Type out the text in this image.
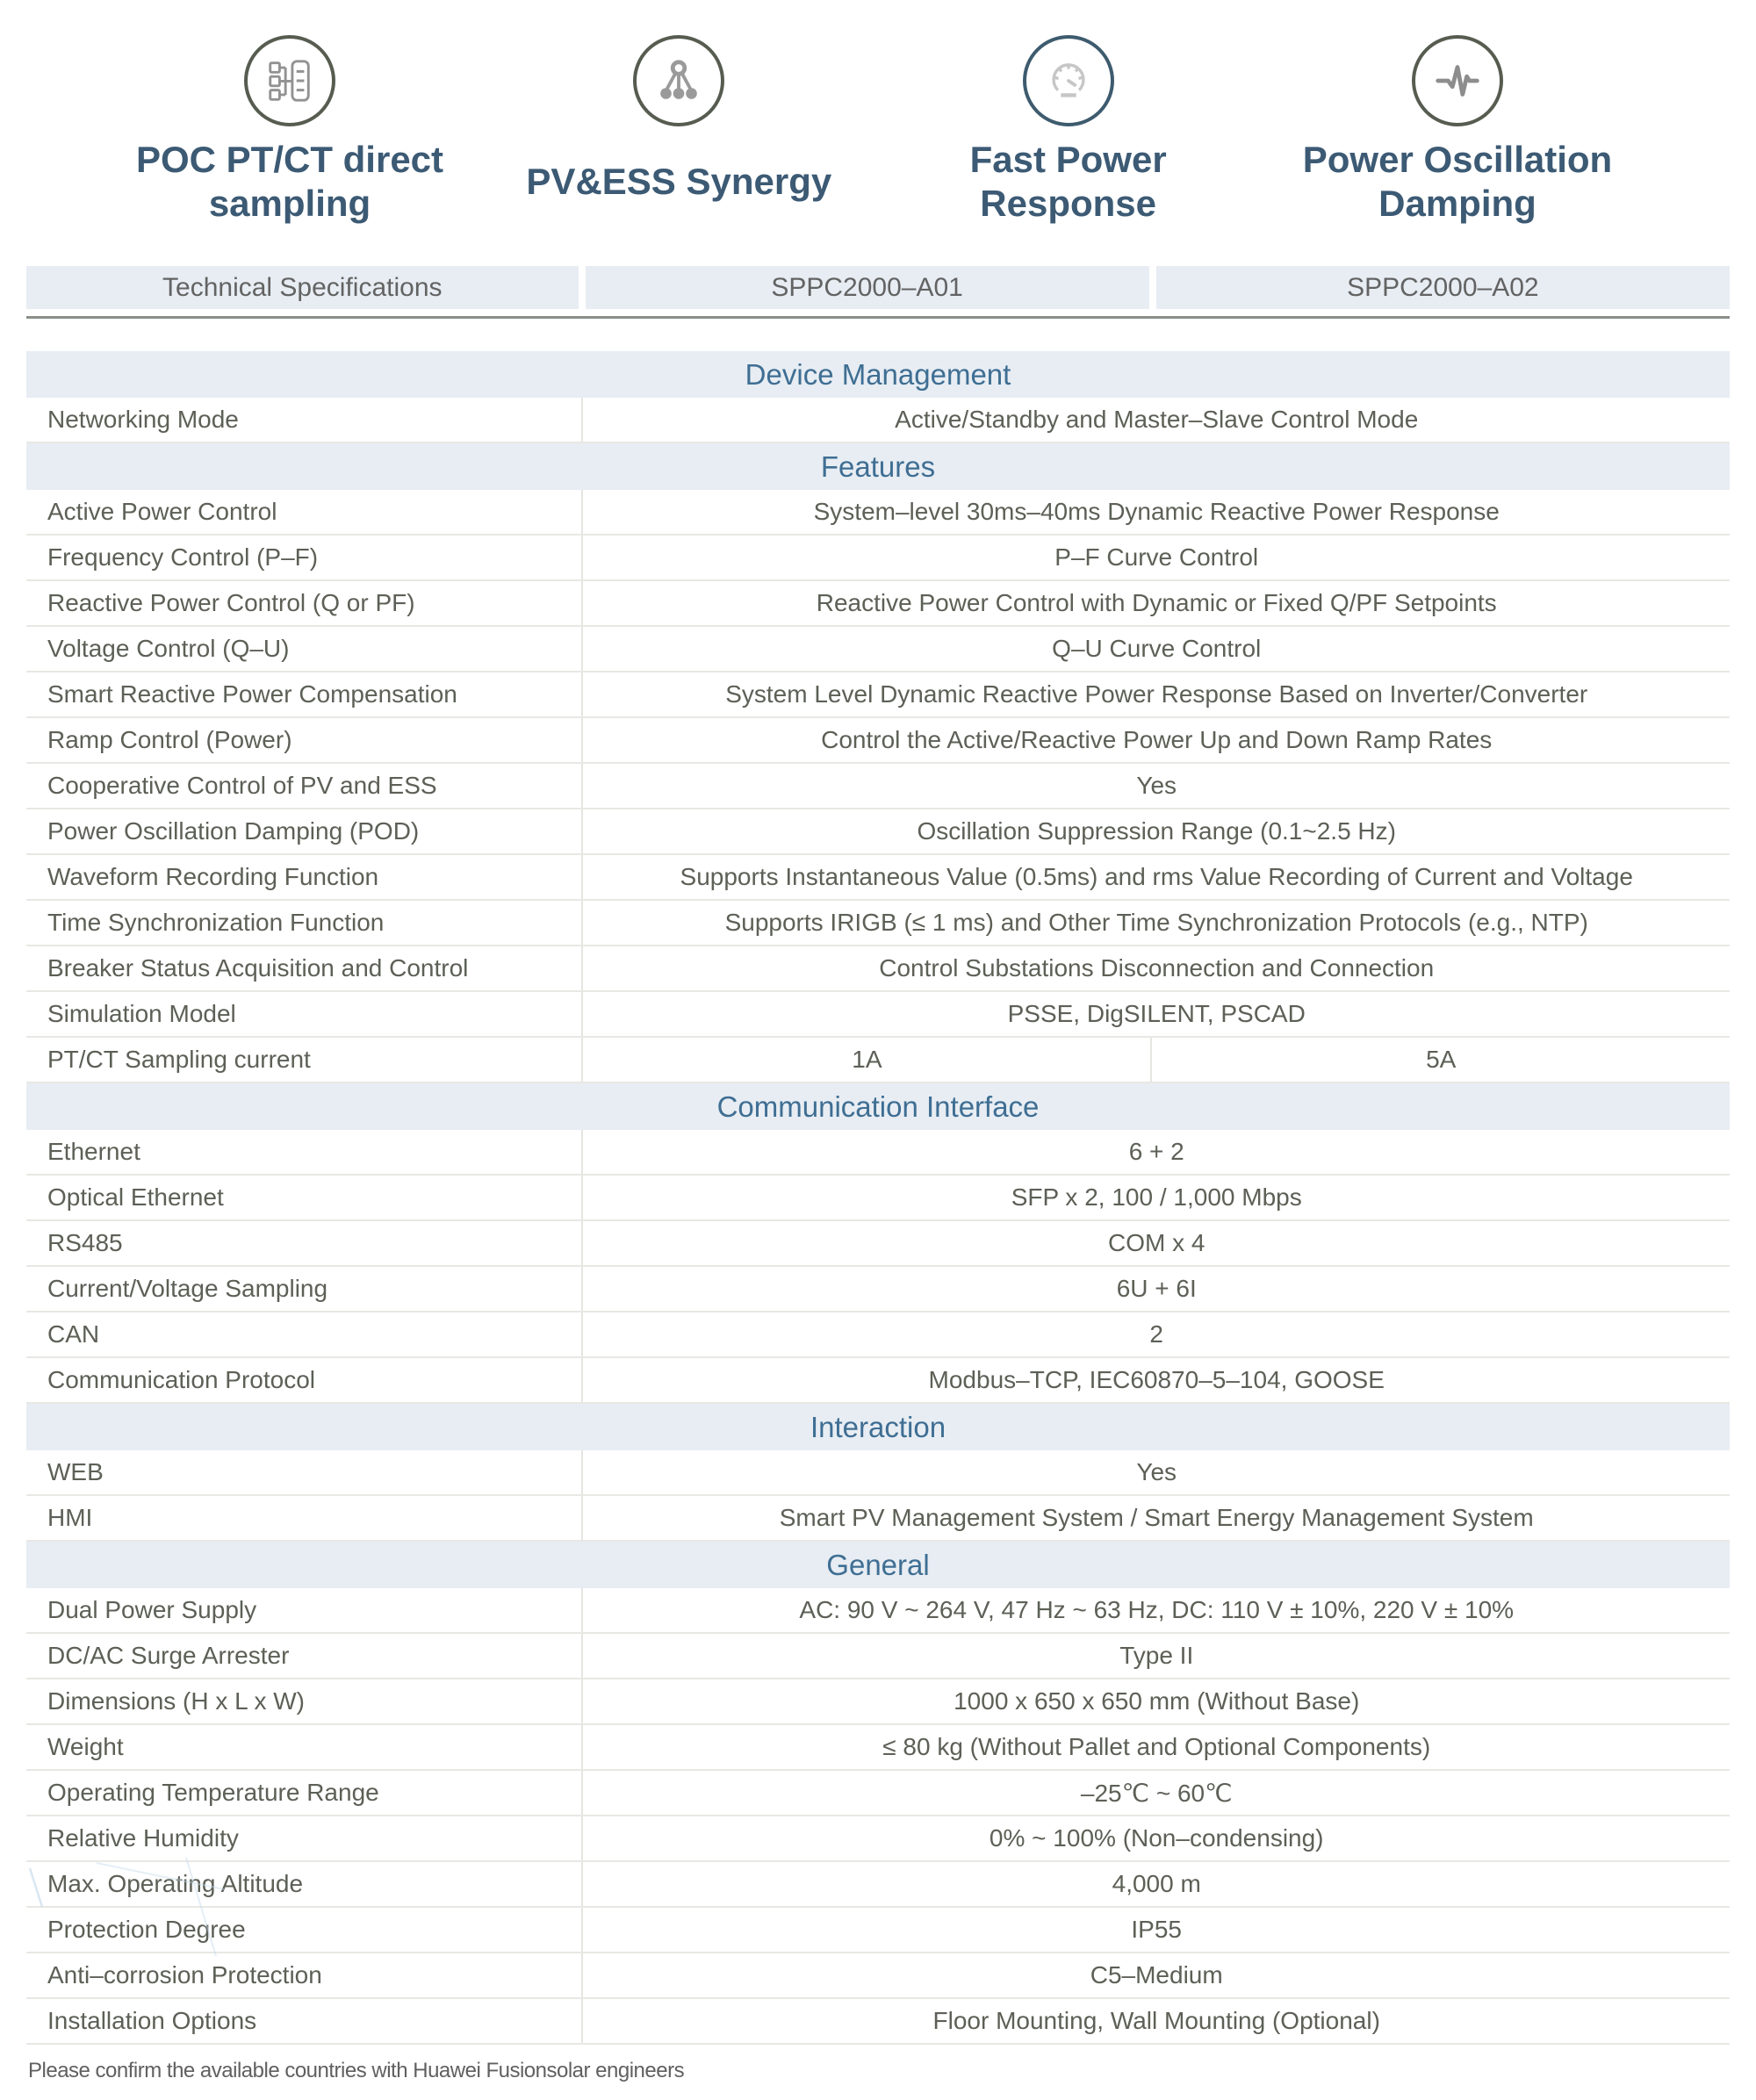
POC PT/CT direct sampling
PV&ESS Synergy
Fast Power Response
Power Oscillation Damping
Technical Specifications	SPPC2000–A01	SPPC2000–A02
Device Management
Networking Mode	Active/Standby and Master–Slave Control Mode
Features
Active Power Control	System–level 30ms–40ms Dynamic Reactive Power Response
Frequency Control (P–F)	P–F Curve Control
Reactive Power Control (Q or PF)	Reactive Power Control with Dynamic or Fixed Q/PF Setpoints
Voltage Control (Q–U)	Q–U Curve Control
Smart Reactive Power Compensation	System Level Dynamic Reactive Power Response Based on Inverter/Converter
Ramp Control (Power)	Control the Active/Reactive Power Up and Down Ramp Rates
Cooperative Control of PV and ESS	Yes
Power Oscillation Damping (POD)	Oscillation Suppression Range (0.1~2.5 Hz)
Waveform Recording Function	Supports Instantaneous Value (0.5ms) and rms Value Recording of Current and Voltage
Time Synchronization Function	Supports IRIGB (≤ 1 ms) and Other Time Synchronization Protocols (e.g., NTP)
Breaker Status Acquisition and Control	Control Substations Disconnection and Connection
Simulation Model	PSSE, DigSILENT, PSCAD
PT/CT Sampling current	1A	5A
Communication Interface
Ethernet	6 + 2
Optical Ethernet	SFP x 2, 100 / 1,000 Mbps
RS485	COM x 4
Current/Voltage Sampling	6U + 6I
CAN	2
Communication Protocol	Modbus–TCP, IEC60870–5–104, GOOSE
Interaction
WEB	Yes
HMI	Smart PV Management System / Smart Energy Management System
General
Dual Power Supply	AC: 90 V ~ 264 V, 47 Hz ~ 63 Hz, DC: 110 V ± 10%, 220 V ± 10%
DC/AC Surge Arrester	Type II
Dimensions (H x L x W)	1000 x 650 x 650 mm (Without Base)
Weight	≤ 80 kg (Without Pallet and Optional Components)
Operating Temperature Range	–25℃ ~ 60℃
Relative Humidity	0% ~ 100% (Non–condensing)
Max. Operating Altitude	4,000 m
Protection Degree	IP55
Anti–corrosion Protection	C5–Medium
Installation Options	Floor Mounting, Wall Mounting (Optional)
Please confirm the available countries with Huawei Fusionsolar engineers
